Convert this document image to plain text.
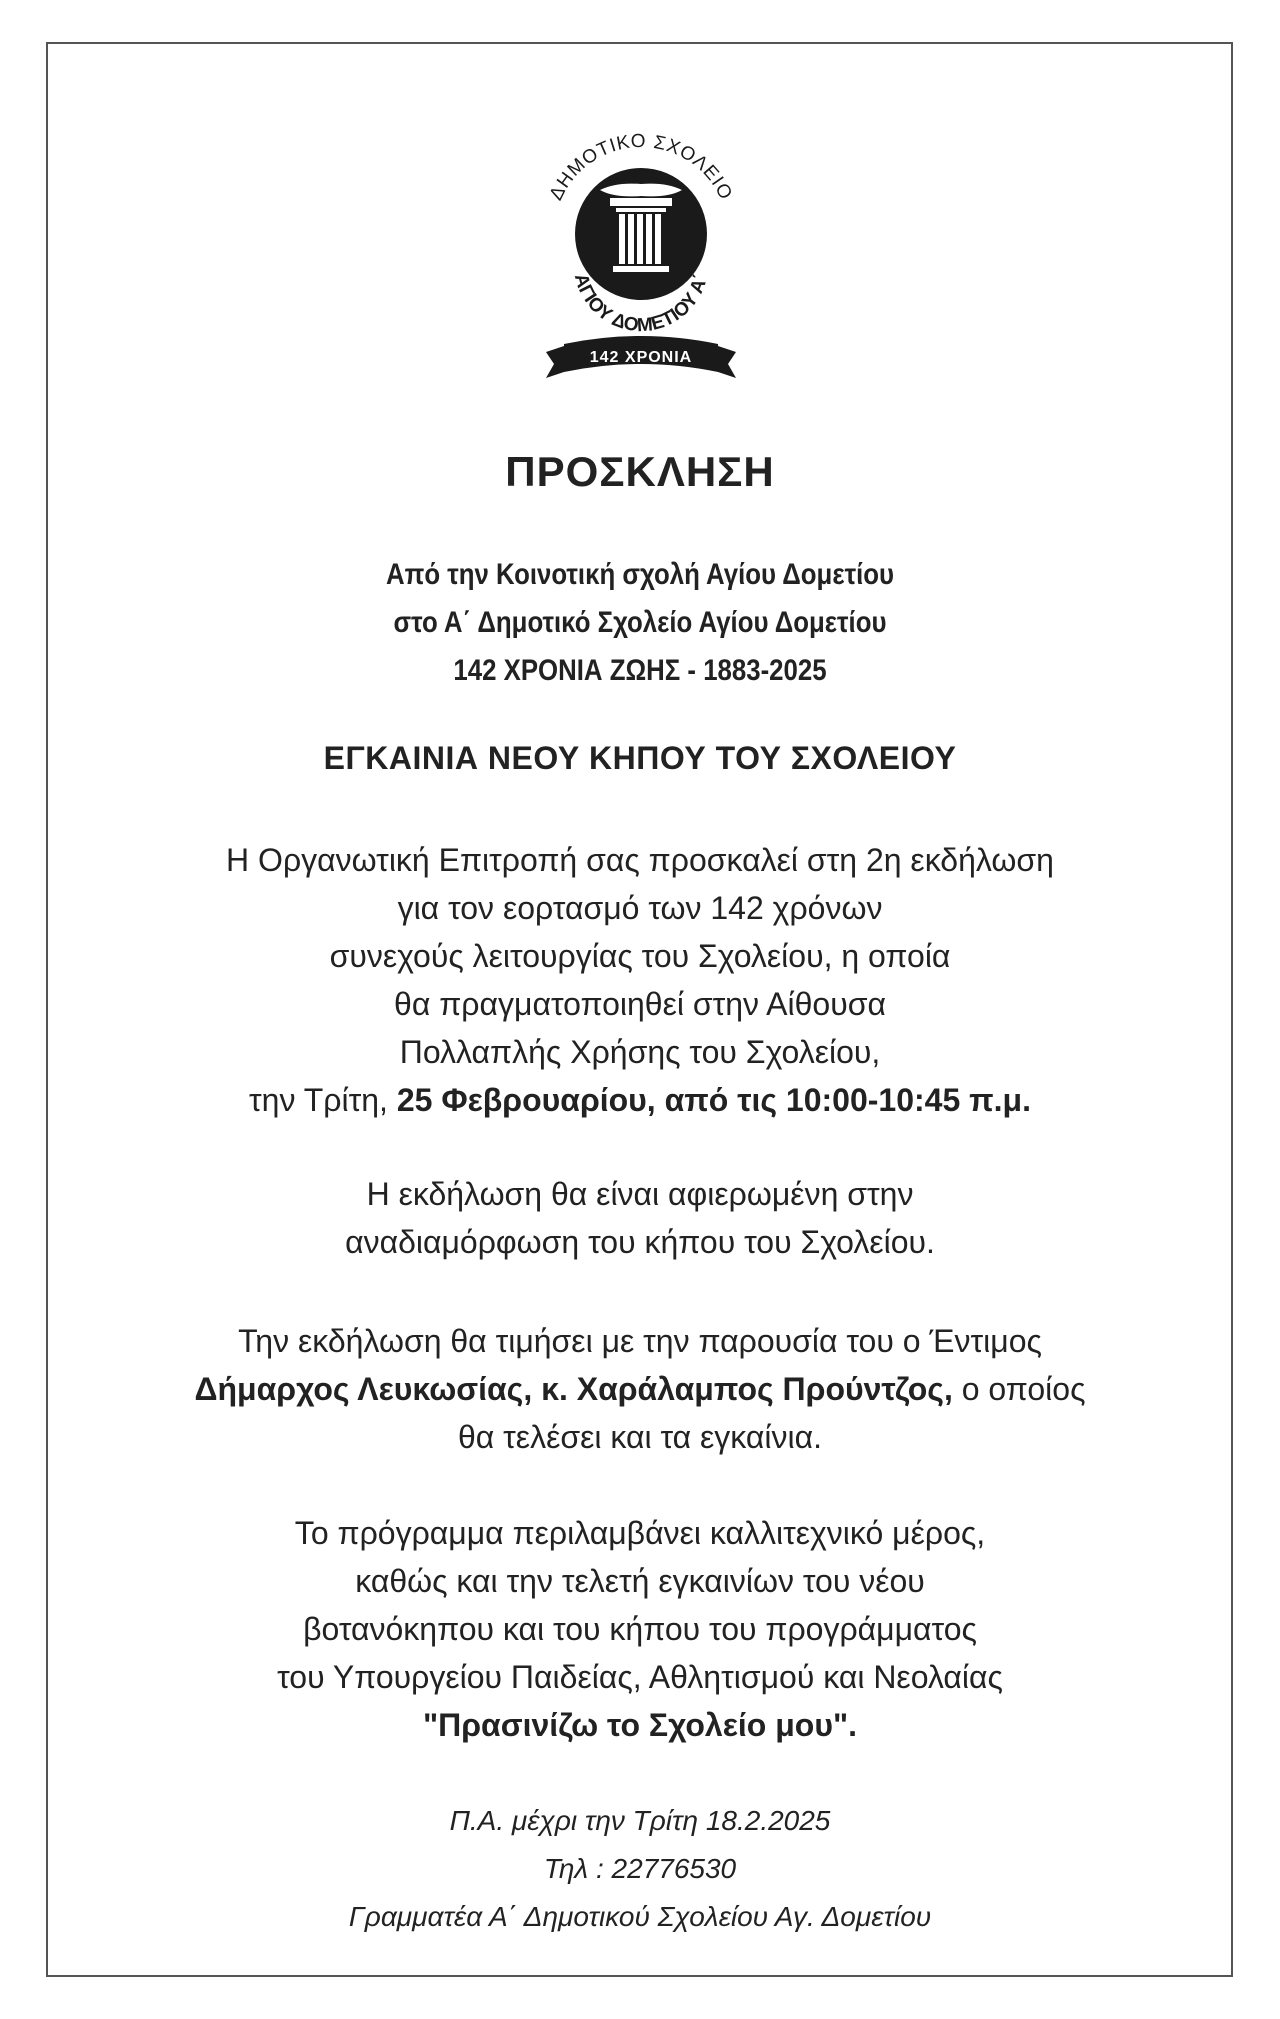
ΔΗΜΟΤΙΚΟ ΣΧΟΛΕΙΟ
ΑΓΙΟΥ ΔΟΜΕΤΙΟΥ Α΄
142 ΧΡΟΝΙΑ
ΠΡΟΣΚΛΗΣΗ
Από την Κοινοτική σχολή Αγίου Δομετίου
στο Α΄ Δημοτικό Σχολείο Αγίου Δομετίου
142 ΧΡΟΝΙΑ ΖΩΗΣ - 1883-2025
ΕΓΚΑΙΝΙΑ ΝΕΟΥ ΚΗΠΟΥ ΤΟΥ ΣΧΟΛΕΙΟΥ
Η Οργανωτική Επιτροπή σας προσκαλεί στη 2η εκδήλωση
για τον εορτασμό των 142 χρόνων
συνεχούς λειτουργίας του Σχολείου, η οποία
θα πραγματοποιηθεί στην Αίθουσα
Πολλαπλής Χρήσης του Σχολείου,
την Τρίτη, 25 Φεβρουαρίου, από τις 10:00-10:45 π.μ.
Η εκδήλωση θα είναι αφιερωμένη στην
αναδιαμόρφωση του κήπου του Σχολείου.
Την εκδήλωση θα τιμήσει με την παρουσία του ο Έντιμος
Δήμαρχος Λευκωσίας, κ. Χαράλαμπος Προύντζος, ο οποίος
θα τελέσει και τα εγκαίνια.
Το πρόγραμμα περιλαμβάνει καλλιτεχνικό μέρος,
καθώς και την τελετή εγκαινίων του νέου
βοτανόκηπου και του κήπου του προγράμματος
του Υπουργείου Παιδείας, Αθλητισμού και Νεολαίας
"Πρασινίζω το Σχολείο μου".
Π.Α. μέχρι την Τρίτη 18.2.2025
Τηλ : 22776530
Γραμματέα Α΄ Δημοτικού Σχολείου Αγ. Δομετίου
